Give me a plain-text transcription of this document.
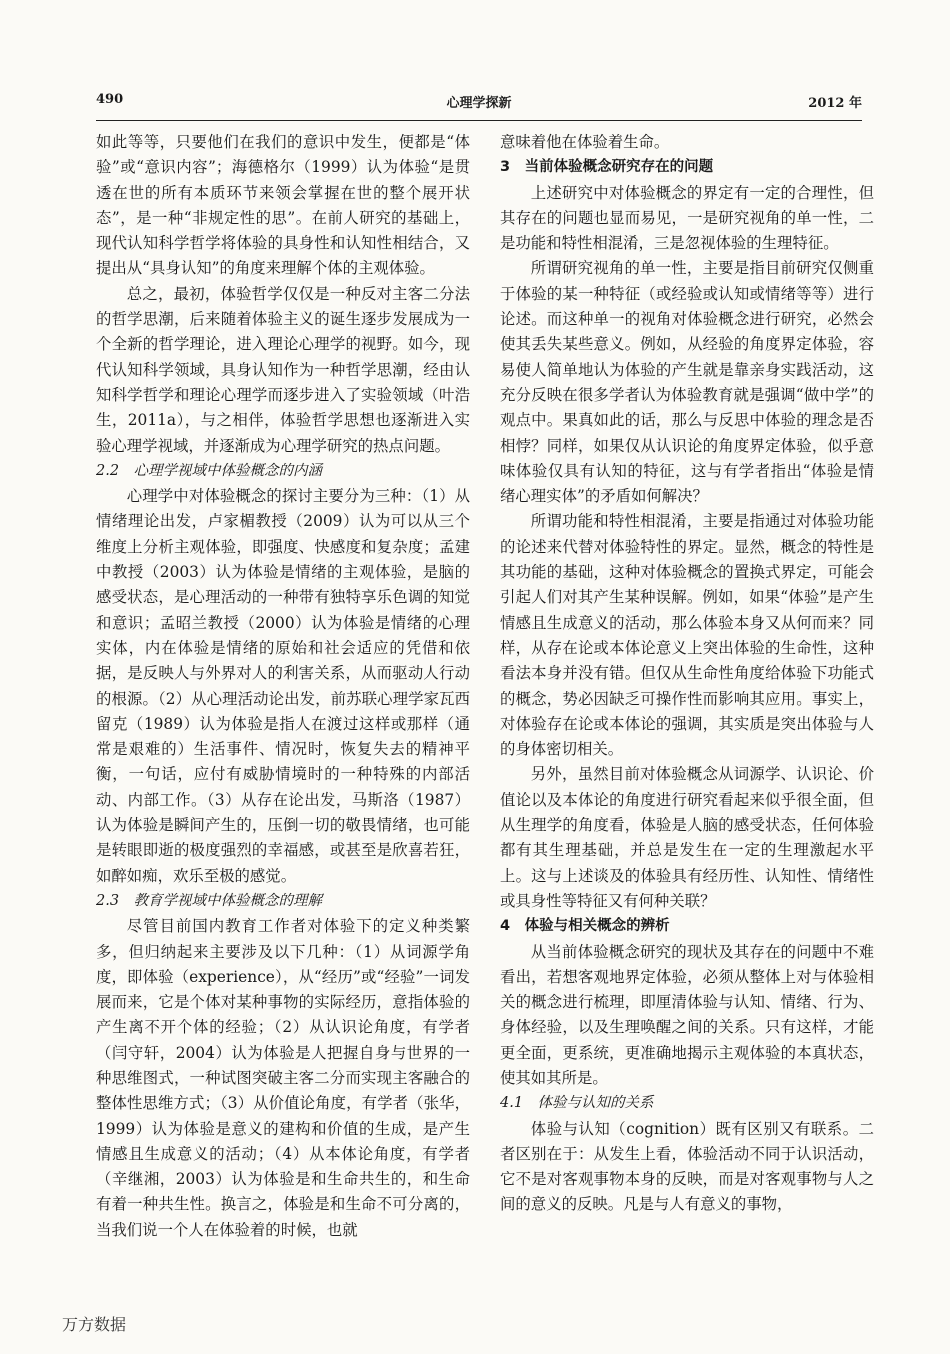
490	心理学探新	2012 年

如此等等，只要他们在我们的意识中发生，便都是“体验”或“意识内容”；海德格尔（1999）认为体验“是贯透在世的所有本质环节来领会掌握在世的整个展开状态”，是一种“非规定性的思”。在前人研究的基础上，现代认知科学哲学将体验的具身性和认知性相结合，又提出从“具身认知”的角度来理解个体的主观体验。

总之，最初，体验哲学仅仅是一种反对主客二分法的哲学思潮，后来随着体验主义的诞生逐步发展成为一个全新的哲学理论，进入理论心理学的视野。如今，现代认知科学领域，具身认知作为一种哲学思潮，经由认知科学哲学和理论心理学而逐步进入了实验领域（叶浩生，2011a），与之相伴，体验哲学思想也逐渐进入实验心理学视域，并逐渐成为心理学研究的热点问题。

2.2　心理学视域中体验概念的内涵

心理学中对体验概念的探讨主要分为三种：（1）从情绪理论出发，卢家楣教授（2009）认为可以从三个维度上分析主观体验，即强度、快感度和复杂度；孟建中教授（2003）认为体验是情绪的主观体验，是脑的感受状态，是心理活动的一种带有独特享乐色调的知觉和意识；孟昭兰教授（2000）认为体验是情绪的心理实体，内在体验是情绪的原始和社会适应的凭借和依据，是反映人与外界对人的利害关系，从而驱动人行动的根源。（2）从心理活动论出发，前苏联心理学家瓦西留克（1989）认为体验是指人在渡过这样或那样（通常是艰难的）生活事件、情况时，恢复失去的精神平衡，一句话，应付有威胁情境时的一种特殊的内部活动、内部工作。（3）从存在论出发，马斯洛（1987）认为体验是瞬间产生的，压倒一切的敬畏情绪，也可能是转眼即逝的极度强烈的幸福感，或甚至是欣喜若狂，如醉如痴，欢乐至极的感觉。

2.3　教育学视域中体验概念的理解

尽管目前国内教育工作者对体验下的定义种类繁多，但归纳起来主要涉及以下几种：（1）从词源学角度，即体验（experience），从“经历”或“经验”一词发展而来，它是个体对某种事物的实际经历，意指体验的产生离不开个体的经验；（2）从认识论角度，有学者（闫守轩，2004）认为体验是人把握自身与世界的一种思维图式，一种试图突破主客二分而实现主客融合的整体性思维方式；（3）从价值论角度，有学者（张华，1999）认为体验是意义的建构和价值的生成，是产生情感且生成意义的活动；（4）从本体论角度，有学者（辛继湘，2003）认为体验是和生命共生的，和生命有着一种共生性。换言之，体验是和生命不可分离的，当我们说一个人在体验着的时候，也就

意味着他在体验着生命。

3　当前体验概念研究存在的问题

上述研究中对体验概念的界定有一定的合理性，但其存在的问题也显而易见，一是研究视角的单一性，二是功能和特性相混淆，三是忽视体验的生理特征。

所谓研究视角的单一性，主要是指目前研究仅侧重于体验的某一种特征（或经验或认知或情绪等等）进行论述。而这种单一的视角对体验概念进行研究，必然会使其丢失某些意义。例如，从经验的角度界定体验，容易使人简单地认为体验的产生就是靠亲身实践活动，这充分反映在很多学者认为体验教育就是强调“做中学”的观点中。果真如此的话，那么与反思中体验的理念是否相悖？同样，如果仅从认识论的角度界定体验，似乎意味体验仅具有认知的特征，这与有学者指出“体验是情绪心理实体”的矛盾如何解决？

所谓功能和特性相混淆，主要是指通过对体验功能的论述来代替对体验特性的界定。显然，概念的特性是其功能的基础，这种对体验概念的置换式界定，可能会引起人们对其产生某种误解。例如，如果“体验”是产生情感且生成意义的活动，那么体验本身又从何而来？同样，从存在论或本体论意义上突出体验的生命性，这种看法本身并没有错。但仅从生命性角度给体验下功能式的概念，势必因缺乏可操作性而影响其应用。事实上，对体验存在论或本体论的强调，其实质是突出体验与人的身体密切相关。

另外，虽然目前对体验概念从词源学、认识论、价值论以及本体论的角度进行研究看起来似乎很全面，但从生理学的角度看，体验是人脑的感受状态，任何体验都有其生理基础，并总是发生在一定的生理激起水平上。这与上述谈及的体验具有经历性、认知性、情绪性或具身性等特征又有何种关联？

4　体验与相关概念的辨析

从当前体验概念研究的现状及其存在的问题中不难看出，若想客观地界定体验，必须从整体上对与体验相关的概念进行梳理，即厘清体验与认知、情绪、行为、身体经验，以及生理唤醒之间的关系。只有这样，才能更全面，更系统，更准确地揭示主观体验的本真状态，使其如其所是。

4.1　体验与认知的关系

体验与认知（cognition）既有区别又有联系。二者区别在于：从发生上看，体验活动不同于认识活动，它不是对客观事物本身的反映，而是对客观事物与人之间的意义的反映。凡是与人有意义的事物，

万方数据
